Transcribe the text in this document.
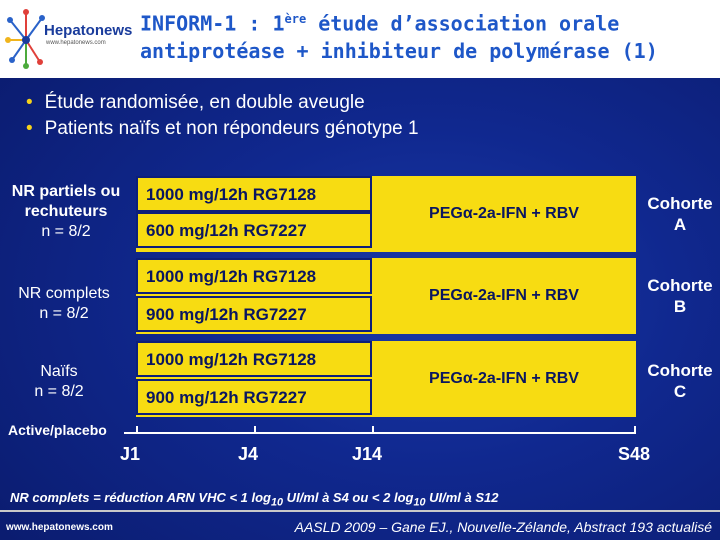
Hepatonews
www.hepatonews.com
INFORM-1 : 1ère étude d’association orale
antiprotéase + inhibiteur de polymérase (1)
• Étude randomisée, en double aveugle
• Patients naïfs et non répondeurs génotype 1
NR partiels ou
rechuteurs
n = 8/2
NR complets
n = 8/2
Naïfs
n = 8/2
1000 mg/12h RG7128
600 mg/12h RG7227
PEG α -2a-IFN + RBV
Cohorte
A
1000 mg/12h RG7128
900 mg/12h RG7227
PEG α -2a-IFN + RBV
Cohorte
B
1000 mg/12h RG7128
900 mg/12h RG7227
PEG α -2a-IFN + RBV	Cohorte
C
Active/placebo
J1	J4	J14	S48
NR complets = réduction ARN VHC < 1 $\log_{10} UI/ml$ à S4 ou < 2 $\log_{10} UI/ml$ à S12
www.hepatonews.com	AASLD 2009 – Gane EJ., Nouvelle-Zélande, Abstract 193 actualisé
